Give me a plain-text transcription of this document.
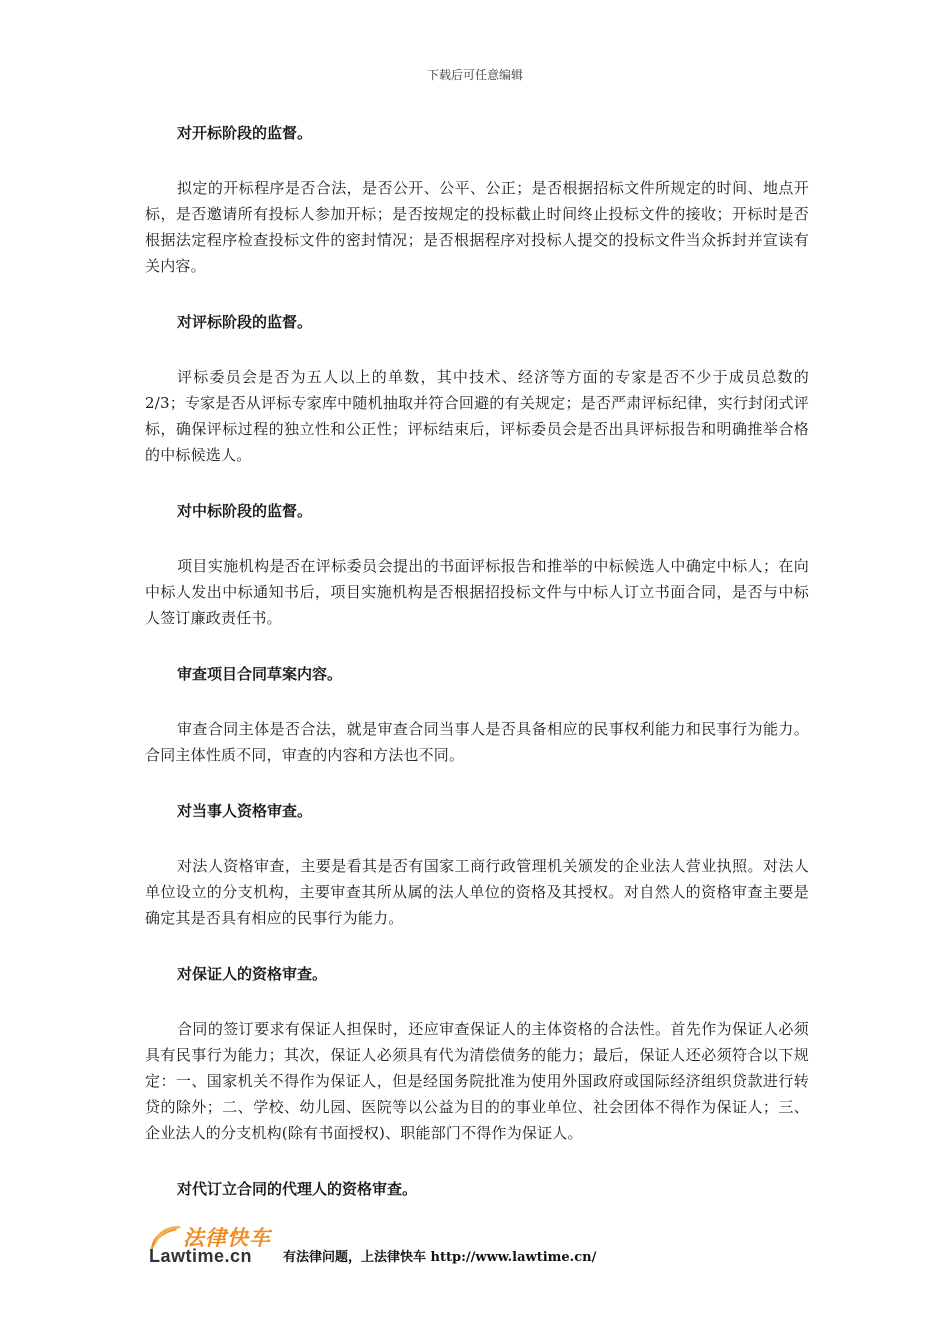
下载后可任意编辑

对开标阶段的监督。

拟定的开标程序是否合法，是否公开、公平、公正；是否根据招标文件所规定的时间、地点开标，是否邀请所有投标人参加开标；是否按规定的投标截止时间终止投标文件的接收；开标时是否根据法定程序检查投标文件的密封情况；是否根据程序对投标人提交的投标文件当众拆封并宣读有关内容。

对评标阶段的监督。

评标委员会是否为五人以上的单数，其中技术、经济等方面的专家是否不少于成员总数的2/3；专家是否从评标专家库中随机抽取并符合回避的有关规定；是否严肃评标纪律，实行封闭式评标，确保评标过程的独立性和公正性；评标结束后，评标委员会是否出具评标报告和明确推举合格的中标候选人。

对中标阶段的监督。

项目实施机构是否在评标委员会提出的书面评标报告和推举的中标候选人中确定中标人；在向中标人发出中标通知书后，项目实施机构是否根据招投标文件与中标人订立书面合同，是否与中标人签订廉政责任书。

审查项目合同草案内容。

审查合同主体是否合法，就是审查合同当事人是否具备相应的民事权利能力和民事行为能力。合同主体性质不同，审查的内容和方法也不同。

对当事人资格审查。

对法人资格审查，主要是看其是否有国家工商行政管理机关颁发的企业法人营业执照。对法人单位设立的分支机构，主要审查其所从属的法人单位的资格及其授权。对自然人的资格审查主要是确定其是否具有相应的民事行为能力。

对保证人的资格审查。

合同的签订要求有保证人担保时，还应审查保证人的主体资格的合法性。首先作为保证人必须具有民事行为能力；其次，保证人必须具有代为清偿债务的能力；最后，保证人还必须符合以下规定：一、国家机关不得作为保证人，但是经国务院批准为使用外国政府或国际经济组织贷款进行转贷的除外；二、学校、幼儿园、医院等以公益为目的的事业单位、社会团体不得作为保证人；三、企业法人的分支机构(除有书面授权)、职能部门不得作为保证人。

对代订立合同的代理人的资格审查。

法律快车
Lawtime.cn 有法律问题，上法律快车 http://www.lawtime.cn/
